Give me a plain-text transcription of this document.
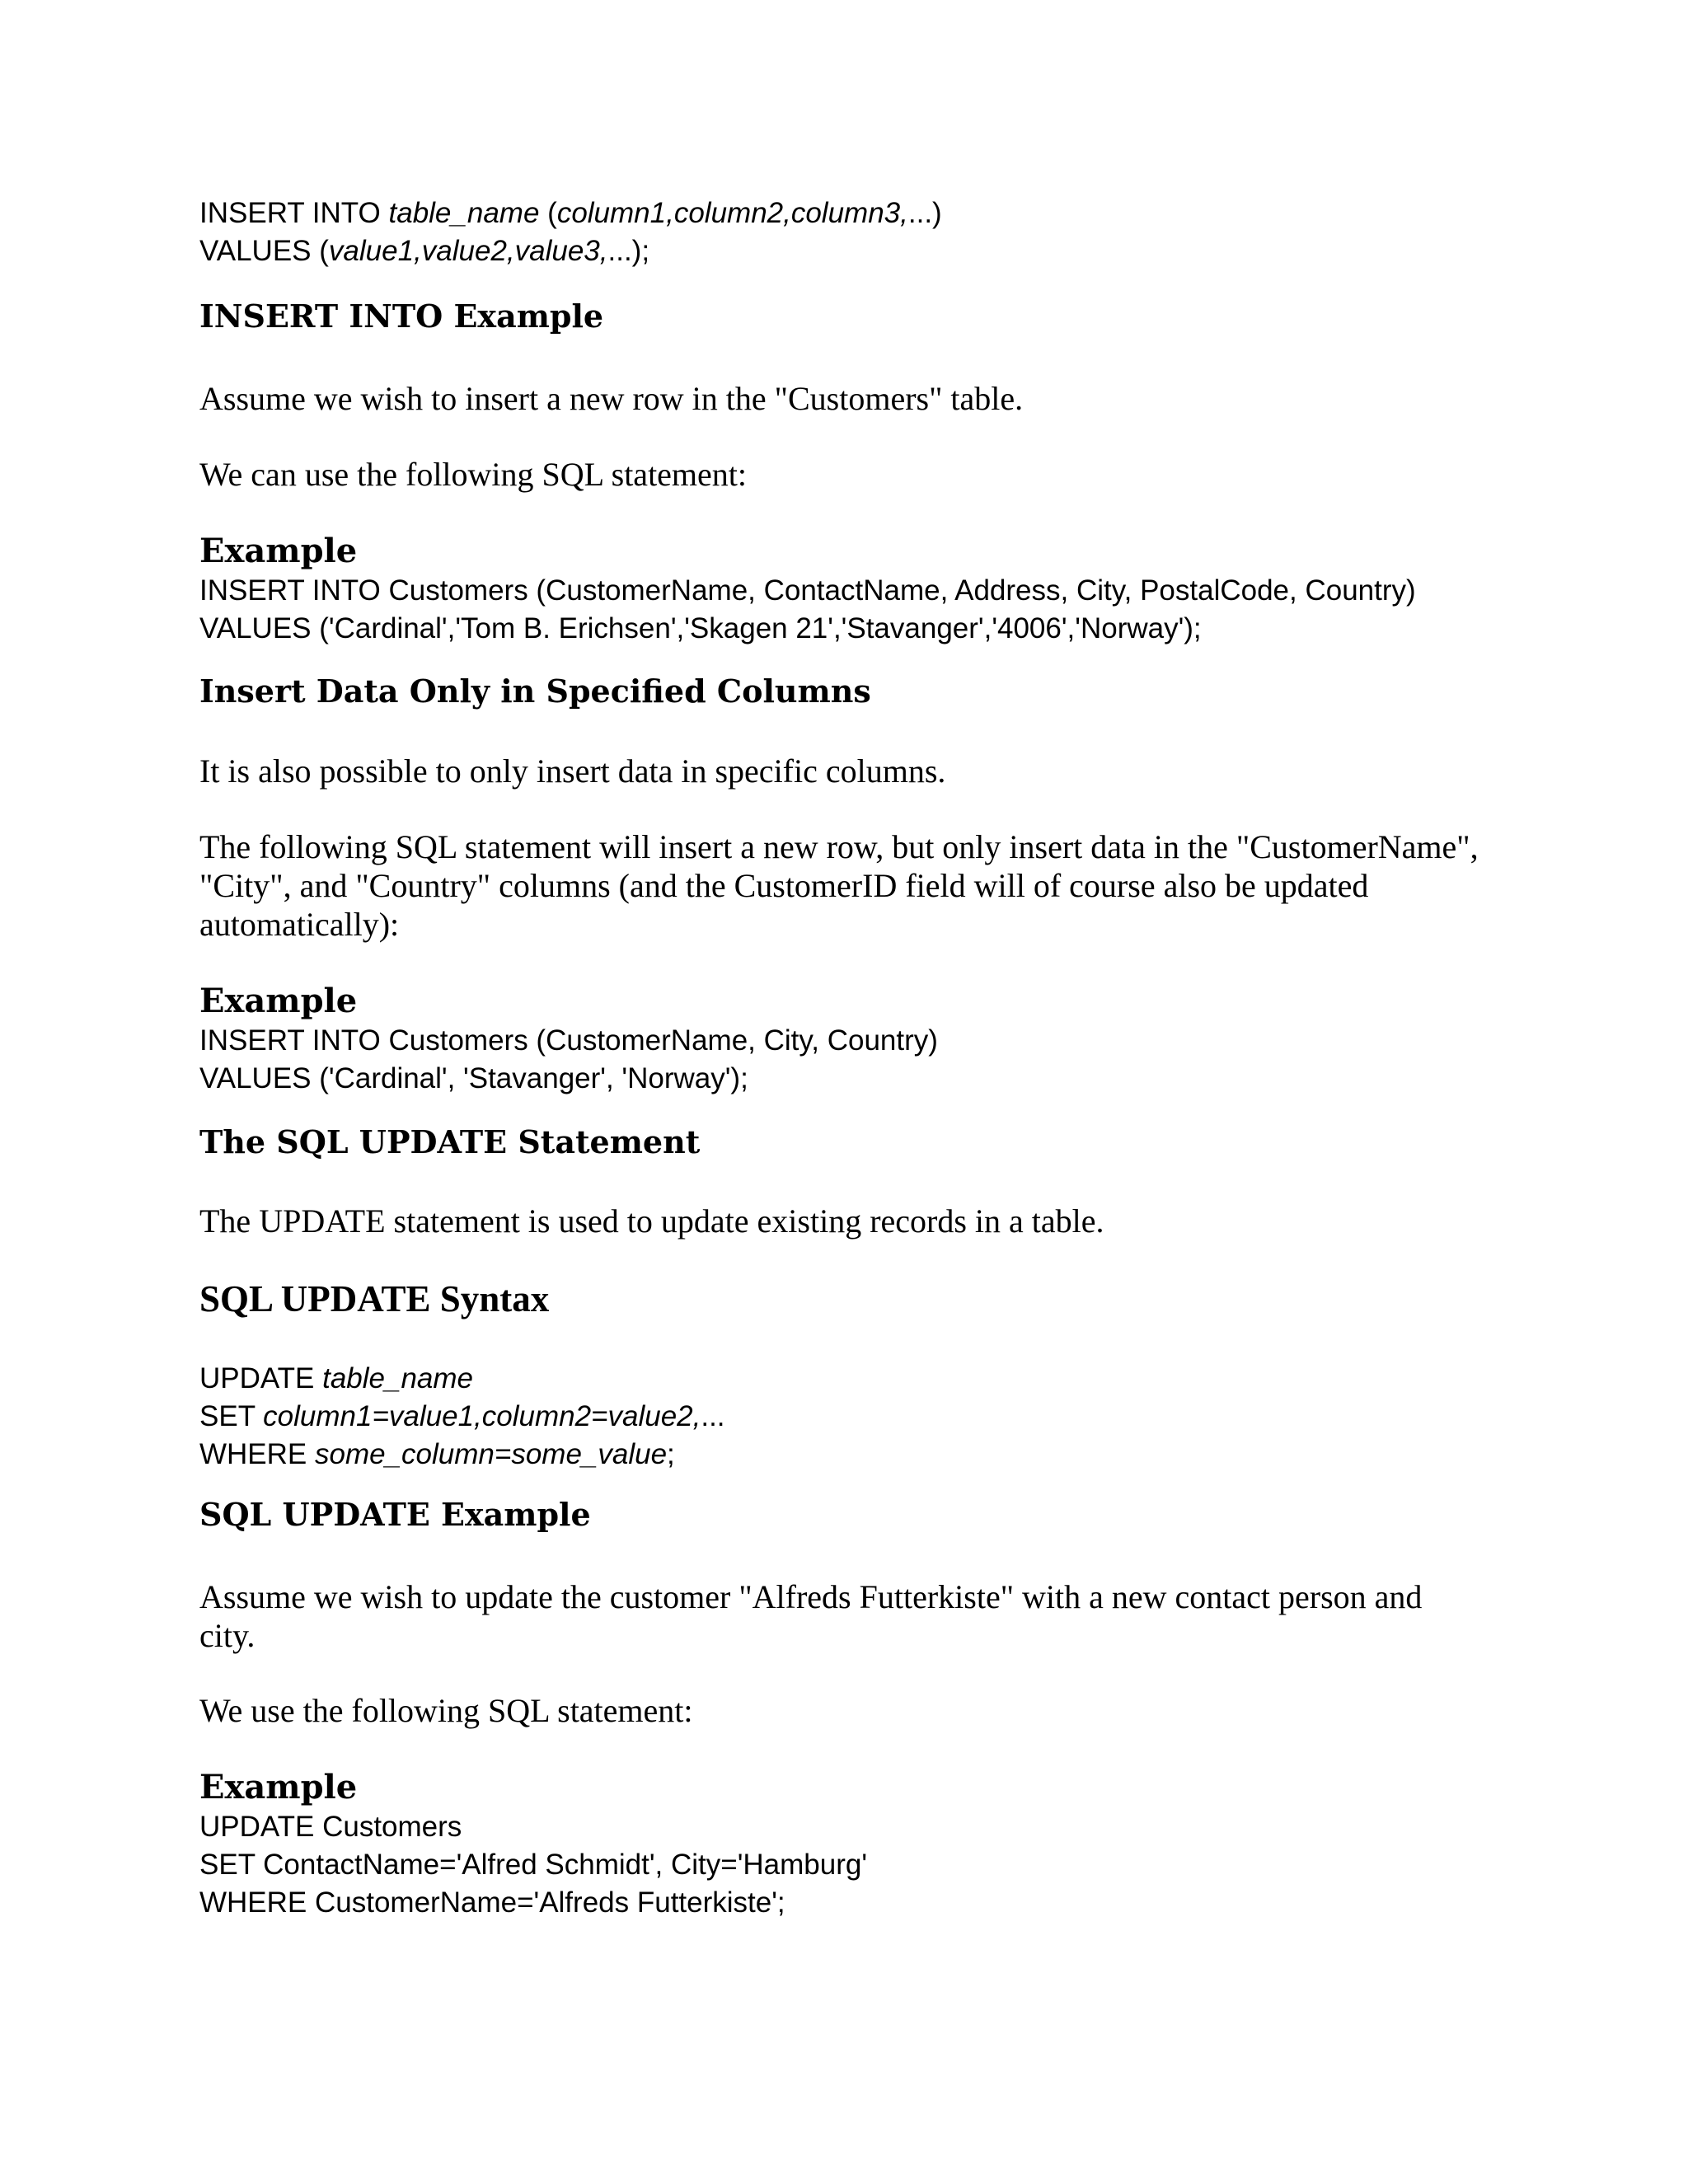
INSERT INTO table_name (column1,column2,column3,...)
VALUES (value1,value2,value3,...);
INSERT INTO Example

Assume we wish to insert a new row in the "Customers" table.

We can use the following SQL statement:

Example
INSERT INTO Customers (CustomerName, ContactName, Address, City, PostalCode, Country)
VALUES ('Cardinal','Tom B. Erichsen','Skagen 21','Stavanger','4006','Norway');
Insert Data Only in Specified Columns

It is also possible to only insert data in specific columns.

The following SQL statement will insert a new row, but only insert data in the "CustomerName",
"City", and "Country" columns (and the CustomerID field will of course also be updated
automatically):
Example
INSERT INTO Customers (CustomerName, City, Country)
VALUES ('Cardinal', 'Stavanger', 'Norway');
The SQL UPDATE Statement

The UPDATE statement is used to update existing records in a table.

SQL UPDATE Syntax
UPDATE table_name
SET column1=value1,column2=value2,...
WHERE some_column=some_value;
SQL UPDATE Example
Assume we wish to update the customer "Alfreds Futterkiste" with a new contact person and
city.

We use the following SQL statement:

Example
UPDATE Customers
SET ContactName='Alfred Schmidt', City='Hamburg'
WHERE CustomerName='Alfreds Futterkiste';
